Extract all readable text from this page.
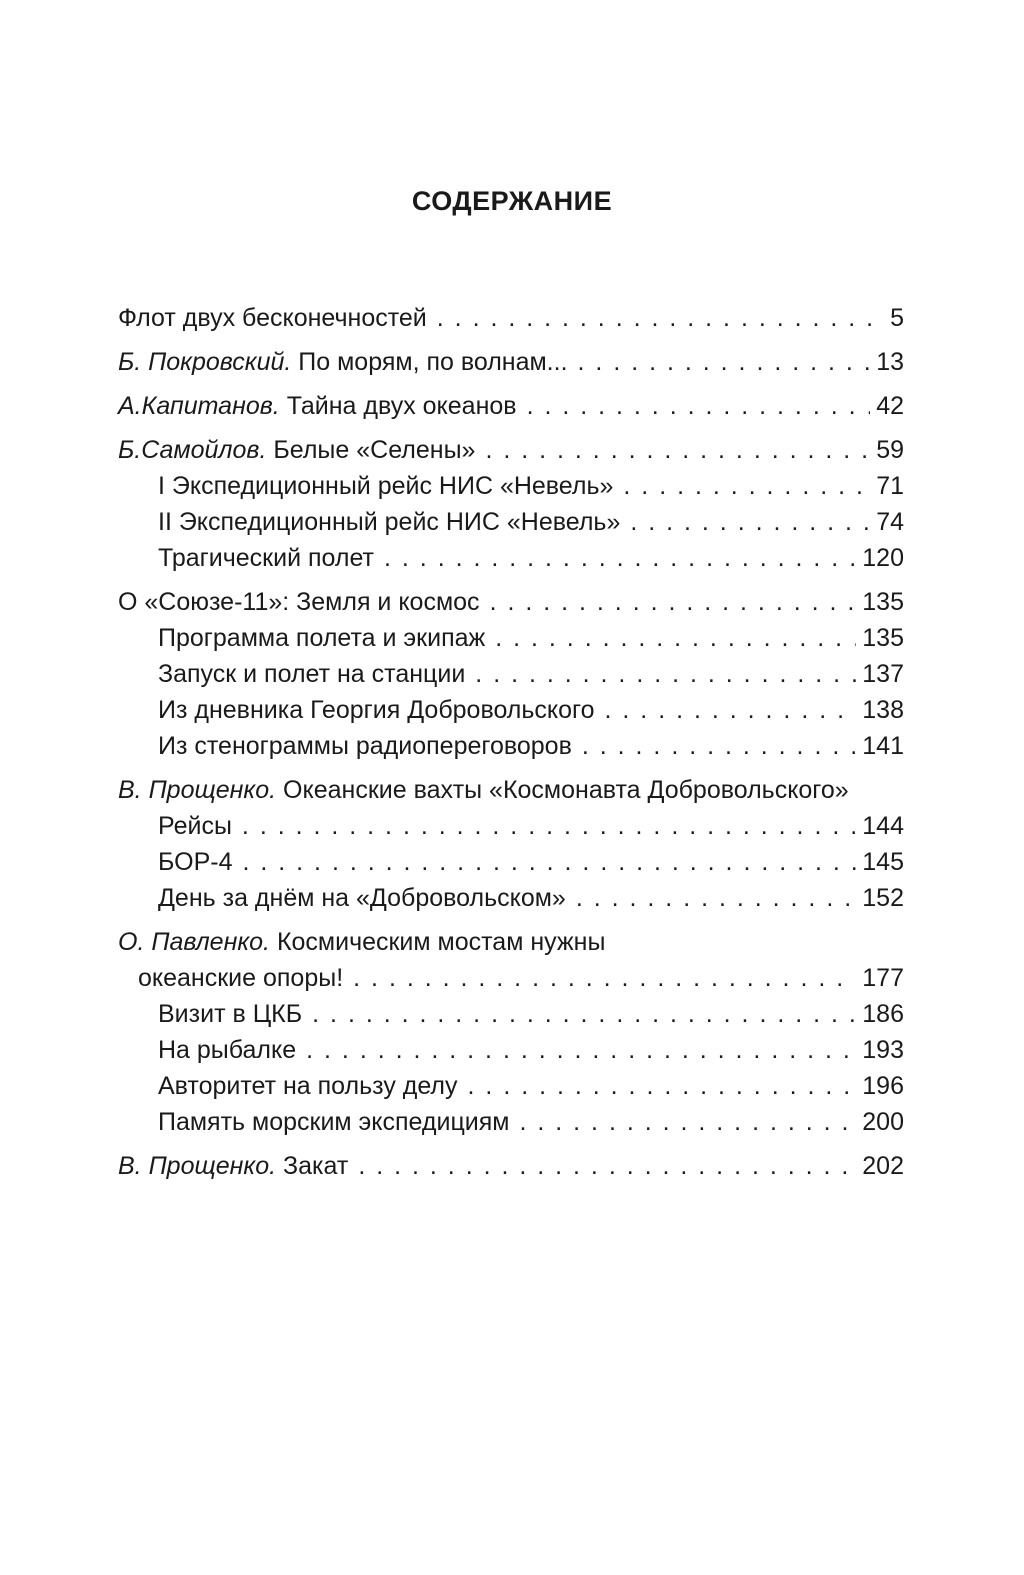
СОДЕРЖАНИЕ
Флот двух бесконечностей . . .	5
Б. Покровский. По морям, по волнам... . . .	13
А.Капитанов. Тайна двух океанов . . .	42
Б.Самойлов. Белые «Селены» . . .	59
I Экспедиционный рейс НИС «Невель» . . .	71
II Экспедиционный рейс НИС «Невель» . . .	74
Трагический полет . . .	120
О «Союзе-11»: Земля и космос . . .	135
Программа полета и экипаж . . .	135
Запуск и полет на станции . . .	137
Из дневника Георгия Добровольского . . .	138
Из стенограммы радиопереговоров . . .	141
В. Прощенко. Океанские вахты «Космонавта Добровольского»
Рейсы . . .	144
БОР-4 . . .	145
День за днём на «Добровольском» . . .	152
О. Павленко. Космическим мостам нужны
океанские опоры! . . .	177
Визит в ЦКБ . . .	186
На рыбалке . . .	193
Авторитет на пользу делу . . .	196
Память морским экспедициям . . .	200
В. Прощенко. Закат . . .	202
